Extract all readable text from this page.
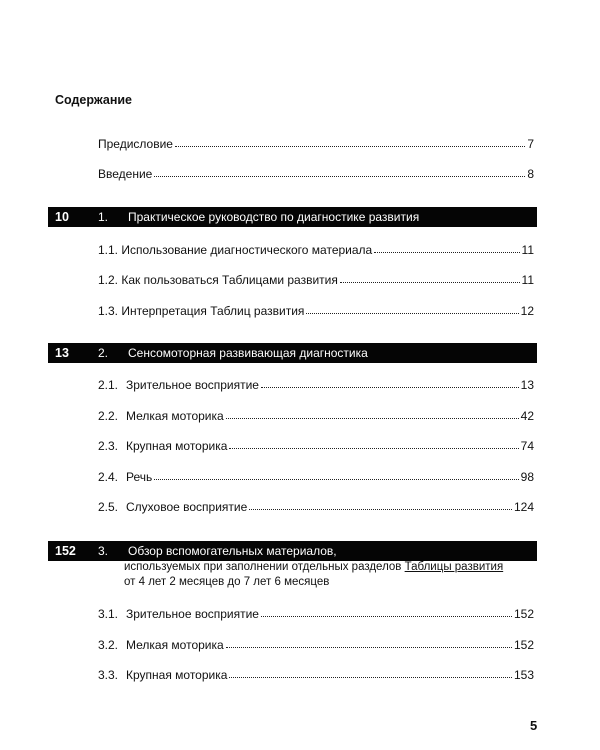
Содержание
Предисловие	7
Введение	8
10	1. Практическое руководство по диагностике развития
1.1. Использование диагностического материала	11
1.2. Как пользоваться Таблицами развития	11
1.3. Интерпретация Таблиц развития	12
13	2. Сенсомоторная развивающая диагностика
2.1. Зрительное восприятие	13
2.2. Мелкая моторика	42
2.3. Крупная моторика	74
2.4. Речь	98
2.5. Слуховое восприятие	124
152	3. Обзор вспомогательных материалов,
используемых при заполнении отдельных разделов Таблицы развития
от 4 лет 2 месяцев до 7 лет 6 месяцев
3.1. Зрительное восприятие	152
3.2. Мелкая моторика	152
3.3. Крупная моторика	153
5
